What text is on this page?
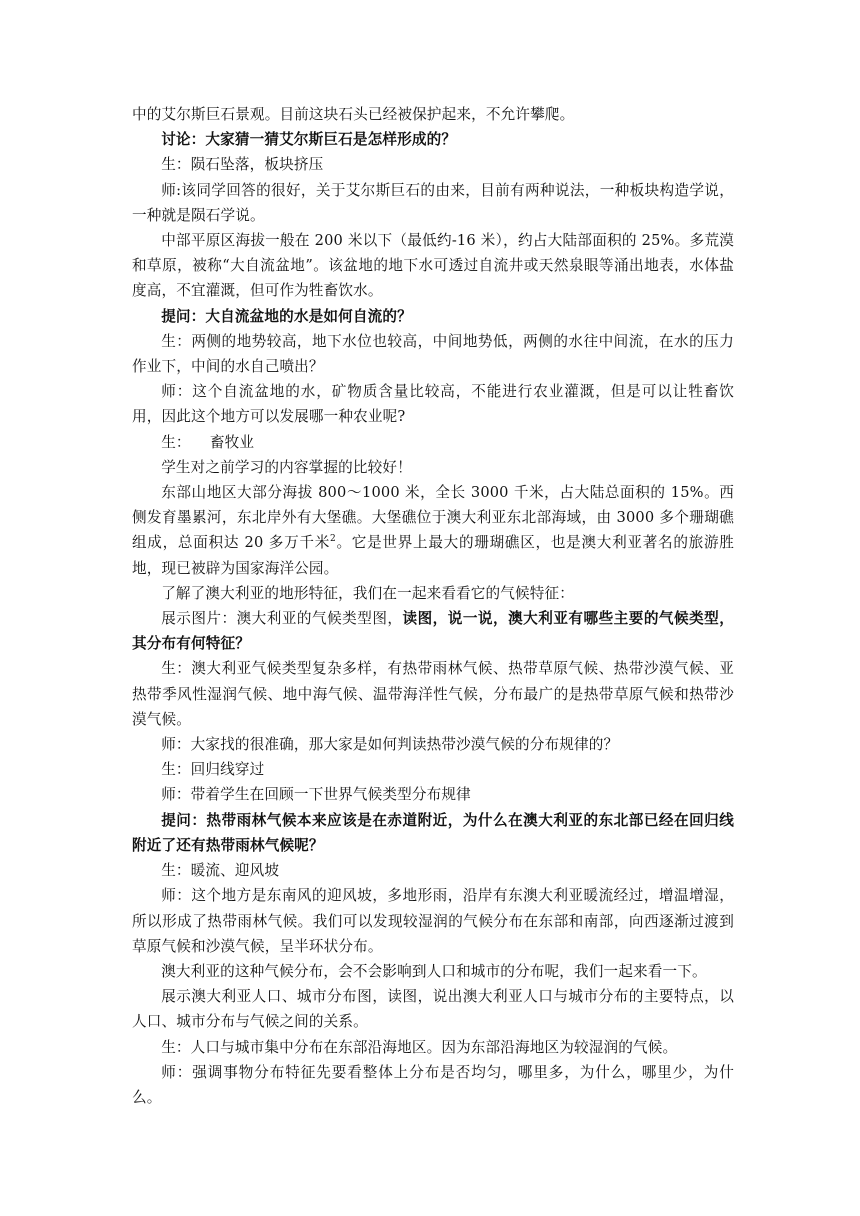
中的艾尔斯巨石景观。目前这块石头已经被保护起来，不允许攀爬。

讨论：大家猜一猜艾尔斯巨石是怎样形成的？

生：陨石坠落，板块挤压

师:该同学回答的很好，关于艾尔斯巨石的由来，目前有两种说法，一种板块构造学说，一种就是陨石学说。

中部平原区海拔一般在 200 米以下（最低约-16 米），约占大陆部面积的 25%。多荒漠和草原，被称“大自流盆地”。该盆地的地下水可透过自流井或天然泉眼等涌出地表，水体盐度高，不宜灌溉，但可作为牲畜饮水。

提问：大自流盆地的水是如何自流的？

生：两侧的地势较高，地下水位也较高，中间地势低，两侧的水往中间流，在水的压力作业下，中间的水自己喷出？

师：这个自流盆地的水，矿物质含量比较高，不能进行农业灌溉，但是可以让牲畜饮用，因此这个地方可以发展哪一种农业呢?

生：    畜牧业

学生对之前学习的内容掌握的比较好！

东部山地区大部分海拔 800～1000 米，全长 3000 千米，占大陆总面积的 15%。西侧发育墨累河，东北岸外有大堡礁。大堡礁位于澳大利亚东北部海域，由 3000 多个珊瑚礁组成，总面积达 20 多万千米$^2$。它是世界上最大的珊瑚礁区，也是澳大利亚著名的旅游胜地，现已被辟为国家海洋公园。

了解了澳大利亚的地形特征，我们在一起来看看它的气候特征：

展示图片：澳大利亚的气候类型图，读图，说一说，澳大利亚有哪些主要的气候类型，其分布有何特征？

生：澳大利亚气候类型复杂多样，有热带雨林气候、热带草原气候、热带沙漠气候、亚热带季风性湿润气候、地中海气候、温带海洋性气候，分布最广的是热带草原气候和热带沙漠气候。

师：大家找的很准确，那大家是如何判读热带沙漠气候的分布规律的？

生：回归线穿过

师：带着学生在回顾一下世界气候类型分布规律

提问：热带雨林气候本来应该是在赤道附近，为什么在澳大利亚的东北部已经在回归线附近了还有热带雨林气候呢？

生：暖流、迎风坡

师：这个地方是东南风的迎风坡，多地形雨，沿岸有东澳大利亚暖流经过，增温增湿，所以形成了热带雨林气候。我们可以发现较湿润的气候分布在东部和南部，向西逐渐过渡到草原气候和沙漠气候，呈半环状分布。

澳大利亚的这种气候分布，会不会影响到人口和城市的分布呢，我们一起来看一下。

展示澳大利亚人口、城市分布图，读图，说出澳大利亚人口与城市分布的主要特点，以人口、城市分布与气候之间的关系。

生：人口与城市集中分布在东部沿海地区。因为东部沿海地区为较湿润的气候。

师：强调事物分布特征先要看整体上分布是否均匀，哪里多，为什么，哪里少，为什么。
